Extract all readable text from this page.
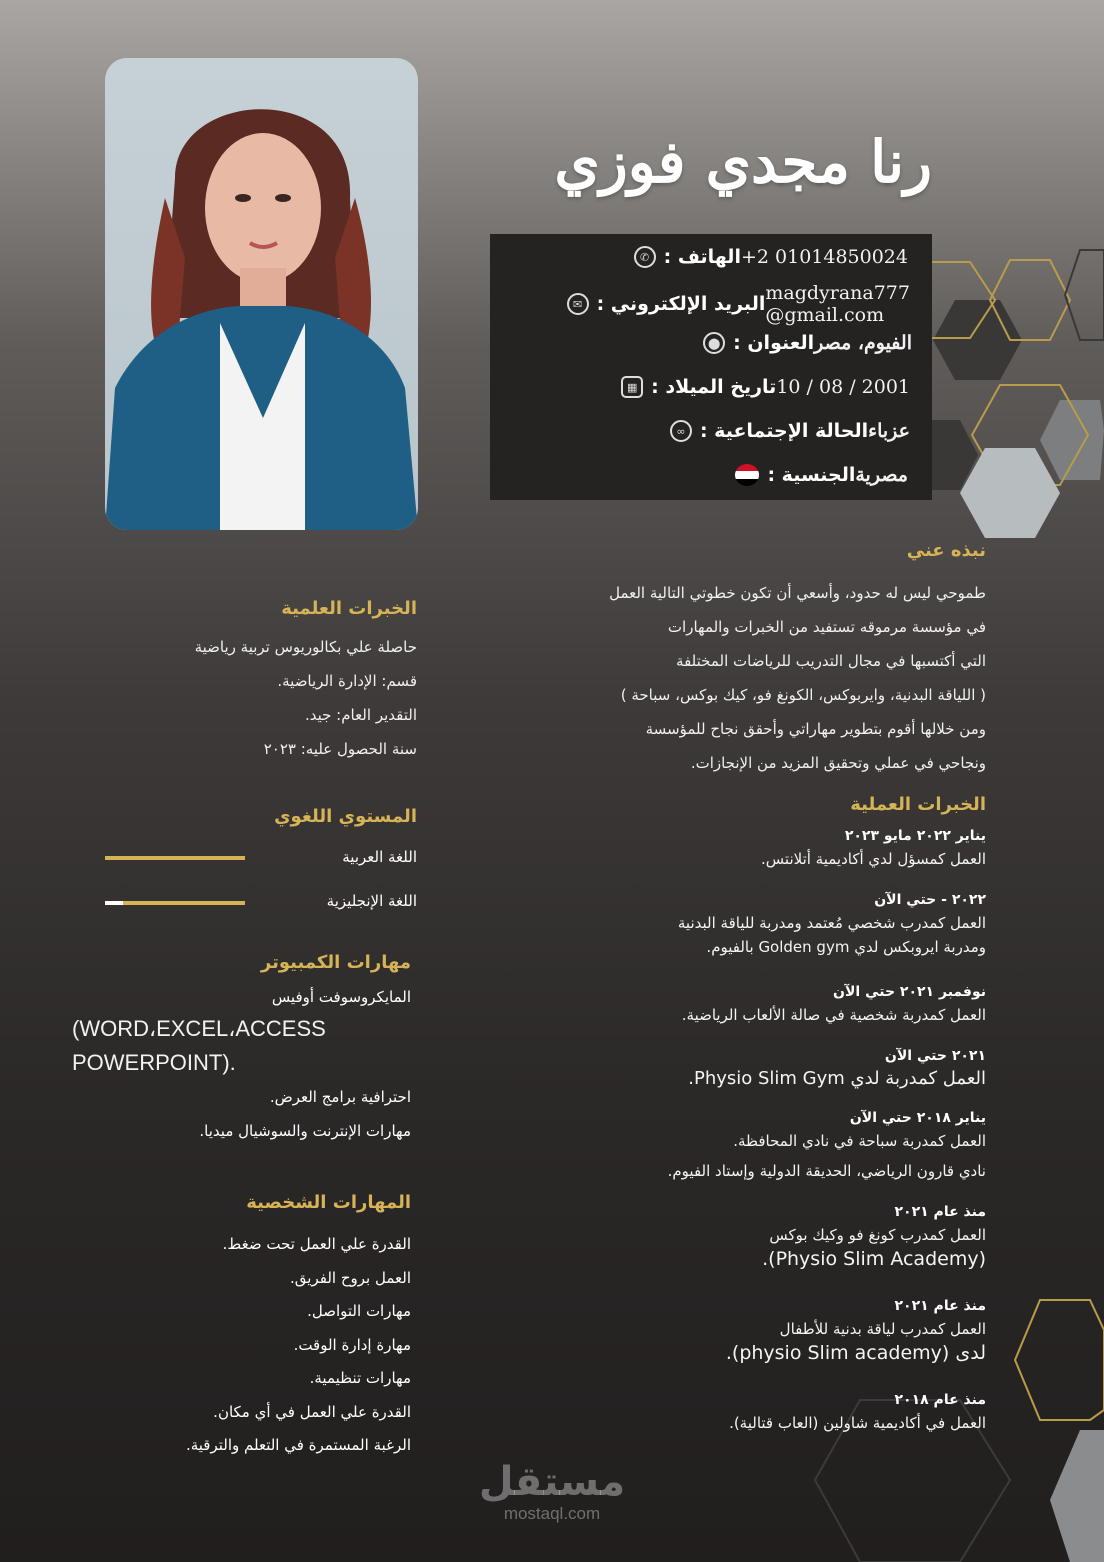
رنا مجدي فوزي
✆ الهاتف : +2 01014850024
✉ البريد الإلكتروني : magdyrana777
@gmail.com
⬤ العنوان : الفيوم، مصر
▦ تاريخ الميلاد : 10 / 08 / 2001
∞ الحالة الإجتماعية : عزباء
الجنسية : مصرية
نبذه عني
طموحي ليس له حدود، وأسعي أن تكون خطوتي التالية العمل
في مؤسسة مرموقه تستفيد من الخبرات والمهارات
التي أكتسبها في مجال التدريب للرياضات المختلفة
( اللياقة البدنية، وايربوكس، الكونغ فو، كيك بوكس، سباحة )
ومن خلالها أقوم بتطوير مهاراتي وأحقق نجاح للمؤسسة
ونجاحي في عملي وتحقيق المزيد من الإنجازات.
الخبرات العملية
يناير ٢٠٢٢ مايو ٢٠٢٣
العمل كمسؤل لدي أكاديمية أتلانتس.
٢٠٢٢ - حتي الآن
العمل كمدرب شخصي مُعتمد ومدربة للياقة البدنية
ومدربة ايروبكس لدي Golden gym بالفيوم.
نوفمبر ٢٠٢١ حتي الآن
العمل كمدربة شخصية في صالة الألعاب الرياضية.
٢٠٢١ حتي الآن
العمل كمدربة لدي Physio Slim Gym.
يناير ٢٠١٨ حتي الآن
العمل كمدربة سباحة في نادي المحافظة.
نادي قارون الرياضي، الحديقة الدولية وإستاد الفيوم.
منذ عام ٢٠٢١
العمل كمدرب كونغ فو وكيك بوكس
(Physio Slim Academy).
منذ عام ٢٠٢١
العمل كمدرب لياقة بدنية للأطفال
لدى (physio Slim academy).
منذ عام ٢٠١٨
العمل في أكاديمية شاولين (العاب قتالية).
الخبرات العلمية
حاصلة علي بكالوريوس تربية رياضية
قسم: الإدارة الرياضية.
التقدير العام: جيد.
سنة الحصول عليه: ٢٠٢٣
المستوي اللغوي
اللغة العربية
اللغة الإنجليزية
مهارات الكمبيوتر
المايكروسوفت أوفيس
(WORD،EXCEL،ACCESS
POWERPOINT).
احترافية برامج العرض.
مهارات الإنترنت والسوشيال ميديا.
المهارات الشخصية
القدرة علي العمل تحت ضغط.
العمل بروح الفريق.
مهارات التواصل.
مهارة إدارة الوقت.
مهارات تنظيمية.
القدرة علي العمل في أي مكان.
الرغبة المستمرة في التعلم والترقية.
مستقل
mostaql.com
